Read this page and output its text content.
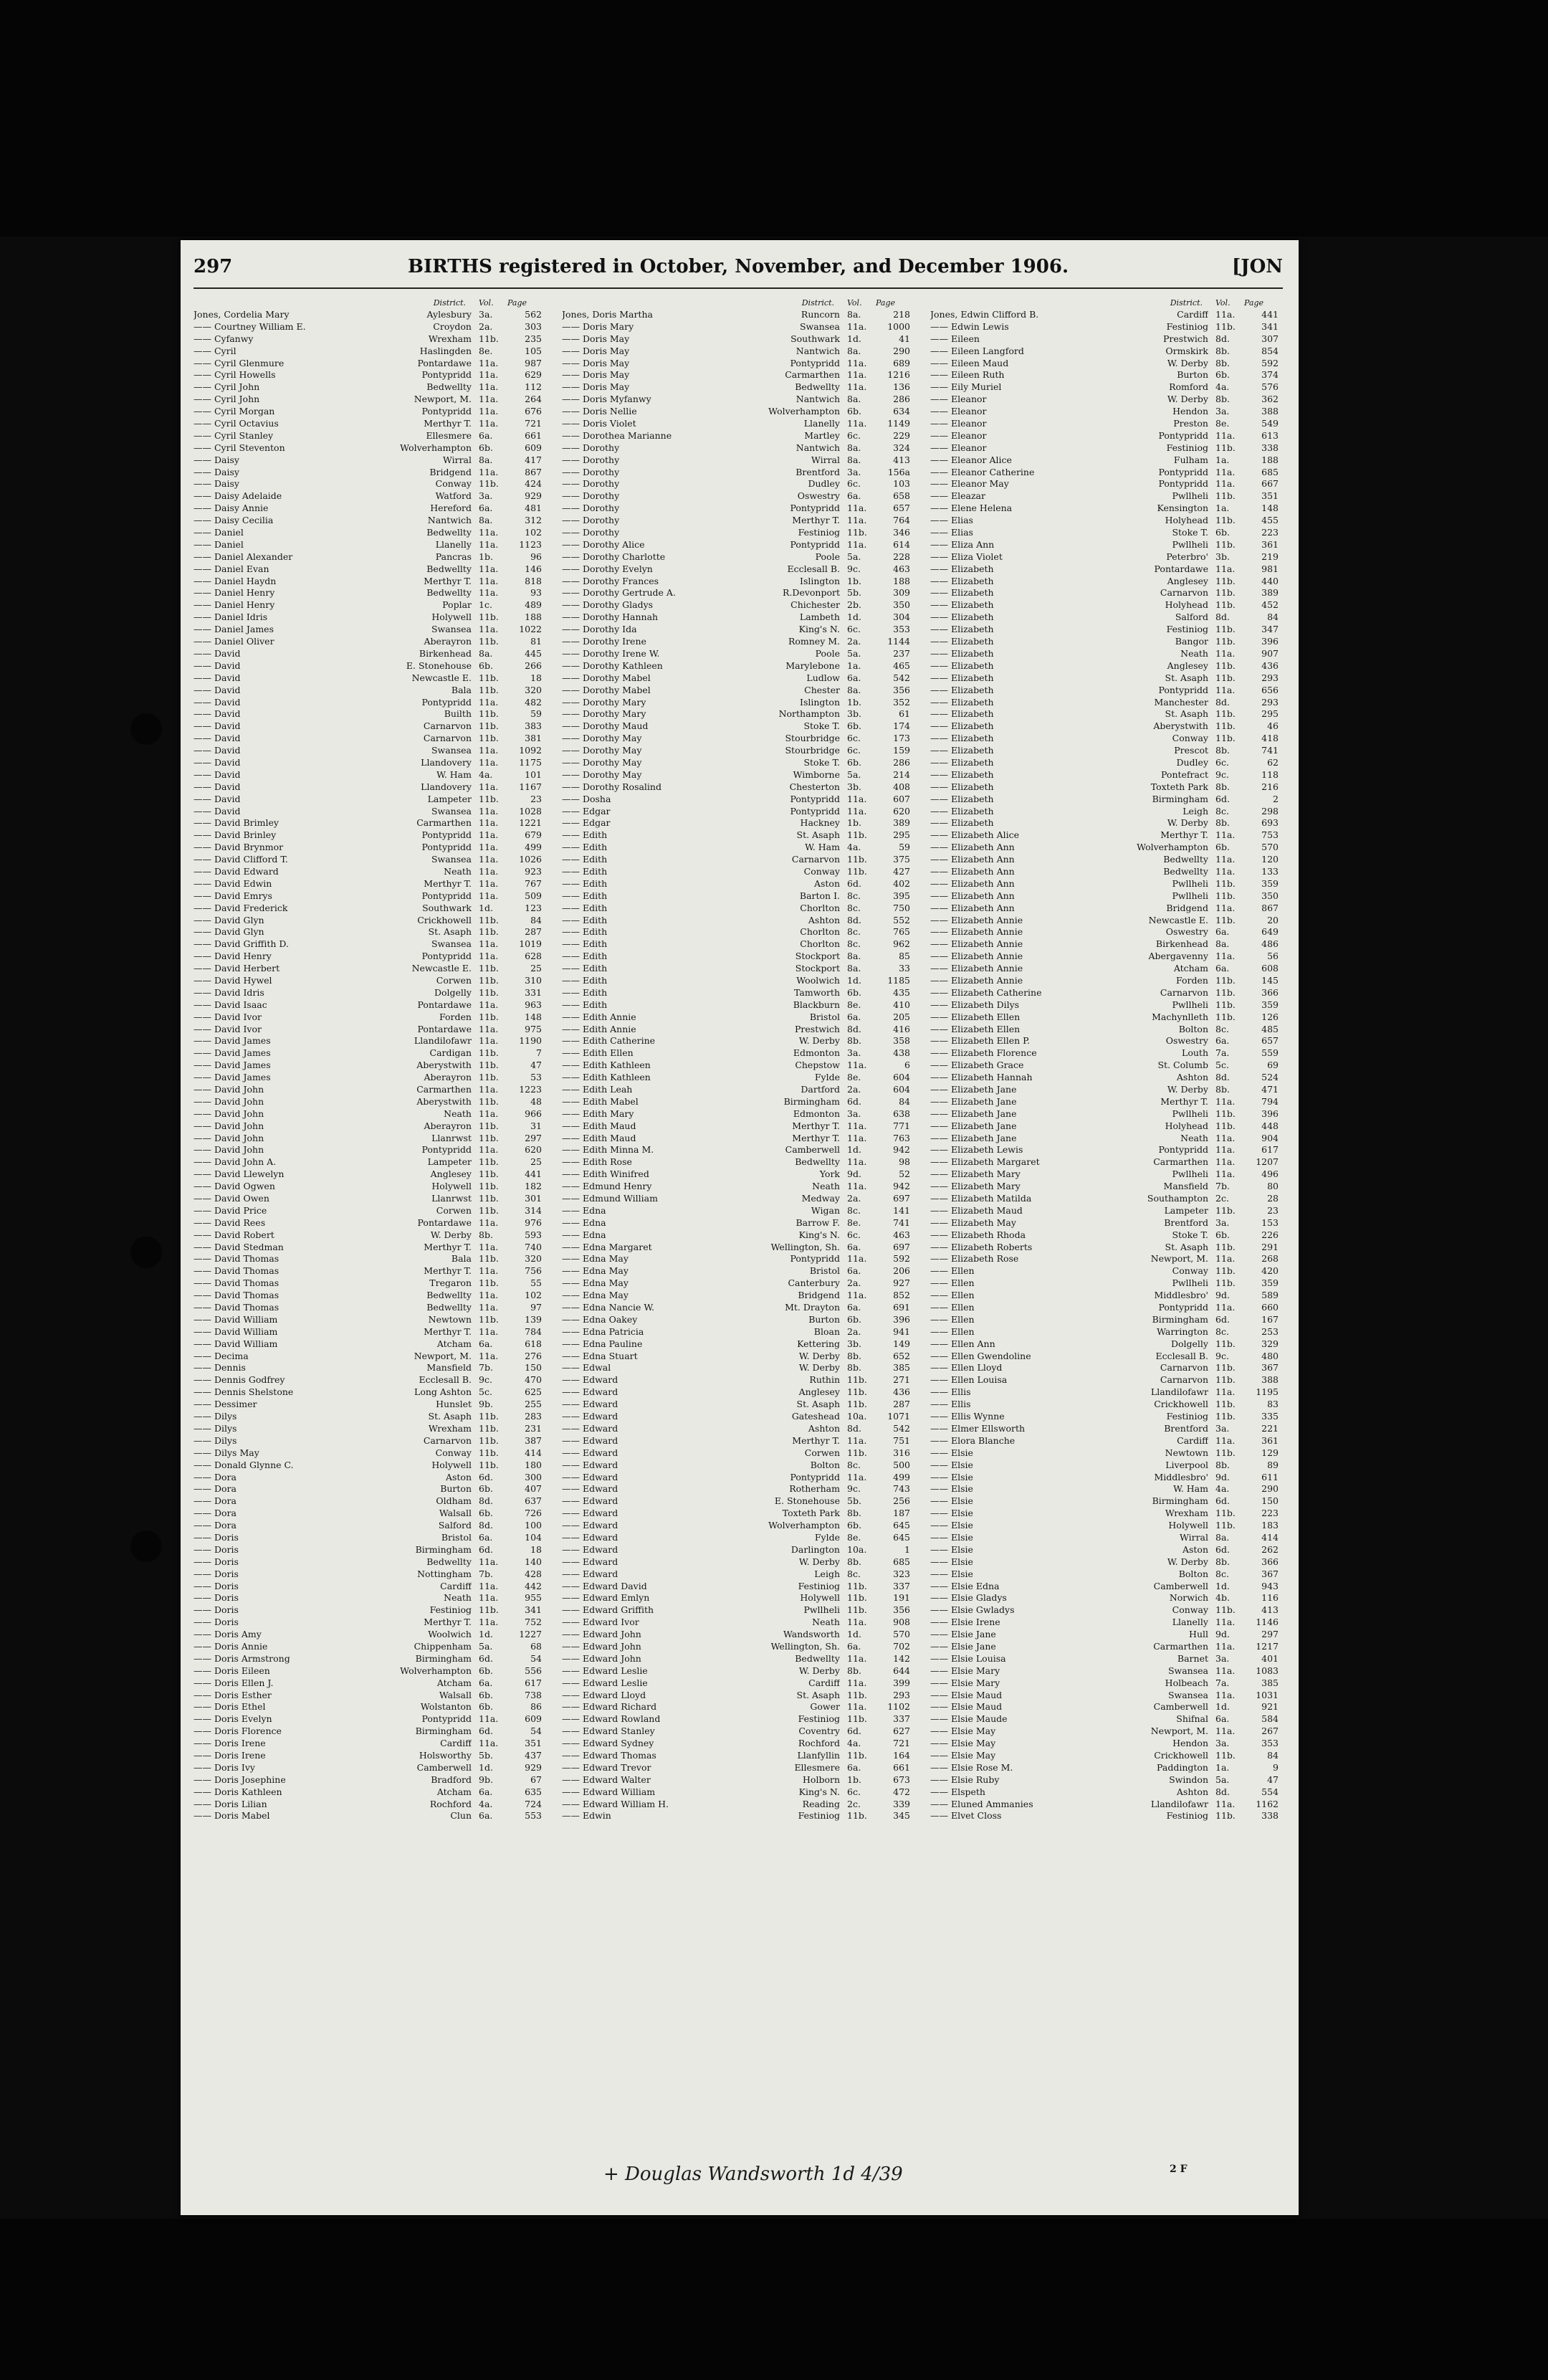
297	BIRTHS registered in October, November, and December 1906.	[JON
District. Vol. Page
Jones, Cordelia Mary	Aylesbury 3a.	562
—— Courtney William E.	Croydon 2a.	303
—— Cyfanwy	Wrexham 11b.	235
—— Cyril	Haslingden 8e.	105
—— Cyril Glenmure	Pontardawe 11a.	987
—— Cyril Howells	Pontypridd 11a.	629
—— Cyril John	Bedwellty 11a.	112
—— Cyril John	Newport, M. 11a.	264
—— Cyril Morgan	Pontypridd 11a.	676
—— Cyril Octavius	Merthyr T. 11a.	721
—— Cyril Stanley	Ellesmere 6a.	661
—— Cyril Steventon	Wolverhampton 6b.	609
—— Daisy	Wirral 8a.	417
—— Daisy	Bridgend 11a.	867
—— Daisy	Conway 11b.	424
—— Daisy Adelaide	Watford 3a.	929
—— Daisy Annie	Hereford 6a.	481
—— Daisy Cecilia	Nantwich 8a.	312
—— Daniel	Bedwellty 11a.	102
—— Daniel	Llanelly 11a.	1123
—— Daniel Alexander	Pancras 1b.	96
—— Daniel Evan	Bedwellty 11a.	146
—— Daniel Haydn	Merthyr T. 11a.	818
—— Daniel Henry	Bedwellty 11a.	93
—— Daniel Henry	Poplar 1c.	489
—— Daniel Idris	Holywell 11b.	188
—— Daniel James	Swansea 11a.	1022
—— Daniel Oliver	Aberayron 11b.	81
—— David	Birkenhead 8a.	445
—— David	E. Stonehouse 6b.	266
—— David	Newcastle E. 11b.	18
—— David	Bala 11b.	320
—— David	Pontypridd 11a.	482
—— David	Builth 11b.	59
—— David	Carnarvon 11b.	383
—— David	Carnarvon 11b.	381
—— David	Swansea 11a.	1092
—— David	Llandovery 11a.	1175
—— David	W. Ham 4a.	101
—— David	Llandovery 11a.	1167
—— David	Lampeter 11b.	23
—— David	Swansea 11a.	1028
—— David Brimley	Carmarthen 11a.	1221
—— David Brinley	Pontypridd 11a.	679
—— David Brynmor	Pontypridd 11a.	499
—— David Clifford T.	Swansea 11a.	1026
—— David Edward	Neath 11a.	923
—— David Edwin	Merthyr T. 11a.	767
—— David Emrys	Pontypridd 11a.	509
—— David Frederick	Southwark 1d.	123
—— David Glyn	Crickhowell 11b.	84
—— David Glyn	St. Asaph 11b.	287
—— David Griffith D.	Swansea 11a.	1019
—— David Henry	Pontypridd 11a.	628
—— David Herbert	Newcastle E. 11b.	25
—— David Hywel	Corwen 11b.	310
—— David Idris	Dolgelly 11b.	331
—— David Isaac	Pontardawe 11a.	963
—— David Ivor	Forden 11b.	148
—— David Ivor	Pontardawe 11a.	975
—— David James	Llandilofawr 11a.	1190
—— David James	Cardigan 11b.	7
—— David James	Aberystwith 11b.	47
—— David James	Aberayron 11b.	53
—— David John	Carmarthen 11a.	1223
—— David John	Aberystwith 11b.	48
—— David John	Neath 11a.	966
—— David John	Aberayron 11b.	31
—— David John	Llanrwst 11b.	297
—— David John	Pontypridd 11a.	620
—— David John A.	Lampeter 11b.	25
—— David Llewelyn	Anglesey 11b.	441
—— David Ogwen	Holywell 11b.	182
—— David Owen	Llanrwst 11b.	301
—— David Price	Corwen 11b.	314
—— David Rees	Pontardawe 11a.	976
—— David Robert	W. Derby 8b.	593
—— David Stedman	Merthyr T. 11a.	740
—— David Thomas	Bala 11b.	320
—— David Thomas	Merthyr T. 11a.	756
—— David Thomas	Tregaron 11b.	55
—— David Thomas	Bedwellty 11a.	102
—— David Thomas	Bedwellty 11a.	97
—— David William	Newtown 11b.	139
—— David William	Merthyr T. 11a.	784
—— David William	Atcham 6a.	618
—— Decima	Newport, M. 11a.	276
—— Dennis	Mansfield 7b.	150
—— Dennis Godfrey	Ecclesall B. 9c.	470
—— Dennis Shelstone	Long Ashton 5c.	625
—— Dessimer	Hunslet 9b.	255
—— Dilys	St. Asaph 11b.	283
—— Dilys	Wrexham 11b.	231
—— Dilys	Carnarvon 11b.	387
—— Dilys May	Conway 11b.	414
—— Donald Glynne C.	Holywell 11b.	180
—— Dora	Aston 6d.	300
—— Dora	Burton 6b.	407
—— Dora	Oldham 8d.	637
—— Dora	Walsall 6b.	726
—— Dora	Salford 8d.	100
—— Doris	Bristol 6a.	104
—— Doris	Birmingham 6d.	18
—— Doris	Bedwellty 11a.	140
—— Doris	Nottingham 7b.	428
—— Doris	Cardiff 11a.	442
—— Doris	Neath 11a.	955
—— Doris	Festiniog 11b.	341
—— Doris	Merthyr T. 11a.	752
—— Doris Amy	Woolwich 1d.	1227
—— Doris Annie	Chippenham 5a.	68
—— Doris Armstrong	Birmingham 6d.	54
—— Doris Eileen	Wolverhampton 6b.	556
—— Doris Ellen J.	Atcham 6a.	617
—— Doris Esther	Walsall 6b.	738
—— Doris Ethel	Wolstanton 6b.	86
—— Doris Evelyn	Pontypridd 11a.	609
—— Doris Florence	Birmingham 6d.	54
—— Doris Irene	Cardiff 11a.	351
—— Doris Irene	Holsworthy 5b.	437
—— Doris Ivy	Camberwell 1d.	929
—— Doris Josephine	Bradford 9b.	67
—— Doris Kathleen	Atcham 6a.	635
—— Doris Lilian	Rochford 4a.	724
—— Doris Mabel	Clun 6a.	553
District. Vol. Page
Jones, Doris Martha	Runcorn 8a.	218
—— Doris Mary	Swansea 11a.	1000
—— Doris May	Southwark 1d.	41
—— Doris May	Nantwich 8a.	290
—— Doris May	Pontypridd 11a.	689
—— Doris May	Carmarthen 11a.	1216
—— Doris May	Bedwellty 11a.	136
—— Doris Myfanwy	Nantwich 8a.	286
—— Doris Nellie	Wolverhampton 6b.	634
—— Doris Violet	Llanelly 11a.	1149
—— Dorothea Marianne	Martley 6c.	229
—— Dorothy	Nantwich 8a.	324
—— Dorothy	Wirral 8a.	413
—— Dorothy	Brentford 3a.	156a
—— Dorothy	Dudley 6c.	103
—— Dorothy	Oswestry 6a.	658
—— Dorothy	Pontypridd 11a.	657
—— Dorothy	Merthyr T. 11a.	764
—— Dorothy	Festiniog 11b.	346
—— Dorothy Alice	Pontypridd 11a.	614
—— Dorothy Charlotte	Poole 5a.	228
—— Dorothy Evelyn	Ecclesall B. 9c.	463
—— Dorothy Frances	Islington 1b.	188
—— Dorothy Gertrude A.	R.Devonport 5b.	309
—— Dorothy Gladys	Chichester 2b.	350
—— Dorothy Hannah	Lambeth 1d.	304
—— Dorothy Ida	King's N. 6c.	353
—— Dorothy Irene	Romney M. 2a.	1144
—— Dorothy Irene W.	Poole 5a.	237
—— Dorothy Kathleen	Marylebone 1a.	465
—— Dorothy Mabel	Ludlow 6a.	542
—— Dorothy Mabel	Chester 8a.	356
—— Dorothy Mary	Islington 1b.	352
—— Dorothy Mary	Northampton 3b.	61
—— Dorothy Maud	Stoke T. 6b.	174
—— Dorothy May	Stourbridge 6c.	173
—— Dorothy May	Stourbridge 6c.	159
—— Dorothy May	Stoke T. 6b.	286
—— Dorothy May	Wimborne 5a.	214
—— Dorothy Rosalind	Chesterton 3b.	408
—— Dosha	Pontypridd 11a.	607
—— Edgar	Pontypridd 11a.	620
—— Edgar	Hackney 1b.	389
—— Edith	St. Asaph 11b.	295
—— Edith	W. Ham 4a.	59
—— Edith	Carnarvon 11b.	375
—— Edith	Conway 11b.	427
—— Edith	Aston 6d.	402
—— Edith	Barton I. 8c.	395
—— Edith	Chorlton 8c.	750
—— Edith	Ashton 8d.	552
—— Edith	Chorlton 8c.	765
—— Edith	Chorlton 8c.	962
—— Edith	Stockport 8a.	85
—— Edith	Stockport 8a.	33
—— Edith	Woolwich 1d.	1185
—— Edith	Tamworth 6b.	435
—— Edith	Blackburn 8e.	410
—— Edith Annie	Bristol 6a.	205
—— Edith Annie	Prestwich 8d.	416
—— Edith Catherine	W. Derby 8b.	358
—— Edith Ellen	Edmonton 3a.	438
—— Edith Kathleen	Chepstow 11a.	6
—— Edith Kathleen	Fylde 8e.	604
—— Edith Leah	Dartford 2a.	604
—— Edith Mabel	Birmingham 6d.	84
—— Edith Mary	Edmonton 3a.	638
—— Edith Maud	Merthyr T. 11a.	771
—— Edith Maud	Merthyr T. 11a.	763
—— Edith Minna M.	Camberwell 1d.	942
—— Edith Rose	Bedwellty 11a.	98
—— Edith Winifred	York 9d.	52
—— Edmund Henry	Neath 11a.	942
—— Edmund William	Medway 2a.	697
—— Edna	Wigan 8c.	141
—— Edna	Barrow F. 8e.	741
—— Edna	King's N. 6c.	463
—— Edna Margaret	Wellington, Sh. 6a.	697
—— Edna May	Pontypridd 11a.	592
—— Edna May	Bristol 6a.	206
—— Edna May	Canterbury 2a.	927
—— Edna May	Bridgend 11a.	852
—— Edna Nancie W.	Mt. Drayton 6a.	691
—— Edna Oakey	Burton 6b.	396
—— Edna Patricia	Bloan 2a.	941
—— Edna Pauline	Kettering 3b.	149
—— Edna Stuart	W. Derby 8b.	652
—— Edwal	W. Derby 8b.	385
—— Edward	Ruthin 11b.	271
—— Edward	Anglesey 11b.	436
—— Edward	St. Asaph 11b.	287
—— Edward	Gateshead 10a.	1071
—— Edward	Ashton 8d.	542
—— Edward	Merthyr T. 11a.	751
—— Edward	Corwen 11b.	316
—— Edward	Bolton 8c.	500
—— Edward	Pontypridd 11a.	499
—— Edward	Rotherham 9c.	743
—— Edward	E. Stonehouse 5b.	256
—— Edward	Toxteth Park 8b.	187
—— Edward	Wolverhampton 6b.	645
—— Edward	Fylde 8e.	645
—— Edward	Darlington 10a.	1
—— Edward	W. Derby 8b.	685
—— Edward	Leigh 8c.	323
—— Edward David	Festiniog 11b.	337
—— Edward Emlyn	Holywell 11b.	191
—— Edward Griffith	Pwllheli 11b.	356
—— Edward Ivor	Neath 11a.	908
—— Edward John	Wandsworth 1d.	570
—— Edward John	Wellington, Sh. 6a.	702
—— Edward John	Bedwellty 11a.	142
—— Edward Leslie	W. Derby 8b.	644
—— Edward Leslie	Cardiff 11a.	399
—— Edward Lloyd	St. Asaph 11b.	293
—— Edward Richard	Gower 11a.	1102
—— Edward Rowland	Festiniog 11b.	337
—— Edward Stanley	Coventry 6d.	627
—— Edward Sydney	Rochford 4a.	721
—— Edward Thomas	Llanfyllin 11b.	164
—— Edward Trevor	Ellesmere 6a.	661
—— Edward Walter	Holborn 1b.	673
—— Edward William	King's N. 6c.	472
—— Edward William H.	Reading 2c.	339
—— Edwin	Festiniog 11b.	345
District. Vol. Page
Jones, Edwin Clifford B.	Cardiff 11a.	441
—— Edwin Lewis	Festiniog 11b.	341
—— Eileen	Prestwich 8d.	307
—— Eileen Langford	Ormskirk 8b.	854
—— Eileen Maud	W. Derby 8b.	592
—— Eileen Ruth	Burton 6b.	374
—— Eily Muriel	Romford 4a.	576
—— Eleanor	W. Derby 8b.	362
—— Eleanor	Hendon 3a.	388
—— Eleanor	Preston 8e.	549
—— Eleanor	Pontypridd 11a.	613
—— Eleanor	Festiniog 11b.	338
—— Eleanor Alice	Fulham 1a.	188
—— Eleanor Catherine	Pontypridd 11a.	685
—— Eleanor May	Pontypridd 11a.	667
—— Eleazar	Pwllheli 11b.	351
—— Elene Helena	Kensington 1a.	148
—— Elias	Holyhead 11b.	455
—— Elias	Stoke T. 6b.	223
—— Eliza Ann	Pwllheli 11b.	361
—— Eliza Violet	Peterbro' 3b.	219
—— Elizabeth	Pontardawe 11a.	981
—— Elizabeth	Anglesey 11b.	440
—— Elizabeth	Carnarvon 11b.	389
—— Elizabeth	Holyhead 11b.	452
—— Elizabeth	Salford 8d.	84
—— Elizabeth	Festiniog 11b.	347
—— Elizabeth	Bangor 11b.	396
—— Elizabeth	Neath 11a.	907
—— Elizabeth	Anglesey 11b.	436
—— Elizabeth	St. Asaph 11b.	293
—— Elizabeth	Pontypridd 11a.	656
—— Elizabeth	Manchester 8d.	293
—— Elizabeth	St. Asaph 11b.	295
—— Elizabeth	Aberystwith 11b.	46
—— Elizabeth	Conway 11b.	418
—— Elizabeth	Prescot 8b.	741
—— Elizabeth	Dudley 6c.	62
—— Elizabeth	Pontefract 9c.	118
—— Elizabeth	Toxteth Park 8b.	216
—— Elizabeth	Birmingham 6d.	2
—— Elizabeth	Leigh 8c.	298
—— Elizabeth	W. Derby 8b.	693
—— Elizabeth Alice	Merthyr T. 11a.	753
—— Elizabeth Ann	Wolverhampton 6b.	570
—— Elizabeth Ann	Bedwellty 11a.	120
—— Elizabeth Ann	Bedwellty 11a.	133
—— Elizabeth Ann	Pwllheli 11b.	359
—— Elizabeth Ann	Pwllheli 11b.	350
—— Elizabeth Ann	Bridgend 11a.	867
—— Elizabeth Annie	Newcastle E. 11b.	20
—— Elizabeth Annie	Oswestry 6a.	649
—— Elizabeth Annie	Birkenhead 8a.	486
—— Elizabeth Annie	Abergavenny 11a.	56
—— Elizabeth Annie	Atcham 6a.	608
—— Elizabeth Annie	Forden 11b.	145
—— Elizabeth Catherine	Carnarvon 11b.	366
—— Elizabeth Dilys	Pwllheli 11b.	359
—— Elizabeth Ellen	Machynlleth 11b.	126
—— Elizabeth Ellen	Bolton 8c.	485
—— Elizabeth Ellen P.	Oswestry 6a.	657
—— Elizabeth Florence	Louth 7a.	559
—— Elizabeth Grace	St. Columb 5c.	69
—— Elizabeth Hannah	Ashton 8d.	524
—— Elizabeth Jane	W. Derby 8b.	471
—— Elizabeth Jane	Merthyr T. 11a.	794
—— Elizabeth Jane	Pwllheli 11b.	396
—— Elizabeth Jane	Holyhead 11b.	448
—— Elizabeth Jane	Neath 11a.	904
—— Elizabeth Lewis	Pontypridd 11a.	617
—— Elizabeth Margaret	Carmarthen 11a.	1207
—— Elizabeth Mary	Pwllheli 11a.	496
—— Elizabeth Mary	Mansfield 7b.	80
—— Elizabeth Matilda	Southampton 2c.	28
—— Elizabeth Maud	Lampeter 11b.	23
—— Elizabeth May	Brentford 3a.	153
—— Elizabeth Rhoda	Stoke T. 6b.	226
—— Elizabeth Roberts	St. Asaph 11b.	291
—— Elizabeth Rose	Newport, M. 11a.	268
—— Ellen	Conway 11b.	420
—— Ellen	Pwllheli 11b.	359
—— Ellen	Middlesbro' 9d.	589
—— Ellen	Pontypridd 11a.	660
—— Ellen	Birmingham 6d.	167
—— Ellen	Warrington 8c.	253
—— Ellen Ann	Dolgelly 11b.	329
—— Ellen Gwendoline	Ecclesall B. 9c.	480
—— Ellen Lloyd	Carnarvon 11b.	367
—— Ellen Louisa	Carnarvon 11b.	388
—— Ellis	Llandilofawr 11a.	1195
—— Ellis	Crickhowell 11b.	83
—— Ellis Wynne	Festiniog 11b.	335
—— Elmer Ellsworth	Brentford 3a.	221
—— Elora Blanche	Cardiff 11a.	361
—— Elsie	Newtown 11b.	129
—— Elsie	Liverpool 8b.	89
—— Elsie	Middlesbro' 9d.	611
—— Elsie	W. Ham 4a.	290
—— Elsie	Birmingham 6d.	150
—— Elsie	Wrexham 11b.	223
—— Elsie	Holywell 11b.	183
—— Elsie	Wirral 8a.	414
—— Elsie	Aston 6d.	262
—— Elsie	W. Derby 8b.	366
—— Elsie	Bolton 8c.	367
—— Elsie Edna	Camberwell 1d.	943
—— Elsie Gladys	Norwich 4b.	116
—— Elsie Gwladys	Conway 11b.	413
—— Elsie Irene	Llanelly 11a.	1146
—— Elsie Jane	Hull 9d.	297
—— Elsie Jane	Carmarthen 11a.	1217
—— Elsie Louisa	Barnet 3a.	401
—— Elsie Mary	Swansea 11a.	1083
—— Elsie Mary	Holbeach 7a.	385
—— Elsie Maud	Swansea 11a.	1031
—— Elsie Maud	Camberwell 1d.	921
—— Elsie Maude	Shifnal 6a.	584
—— Elsie May	Newport, M. 11a.	267
—— Elsie May	Hendon 3a.	353
—— Elsie May	Crickhowell 11b.	84
—— Elsie Rose M.	Paddington 1a.	9
—— Elsie Ruby	Swindon 5a.	47
—— Elspeth	Ashton 8d.	554
—— Eluned Ammanies	Llandilofawr 11a.	1162
—— Elvet Closs	Festiniog 11b.	338
+ Douglas Wandsworth 1d 4/39	2 F
